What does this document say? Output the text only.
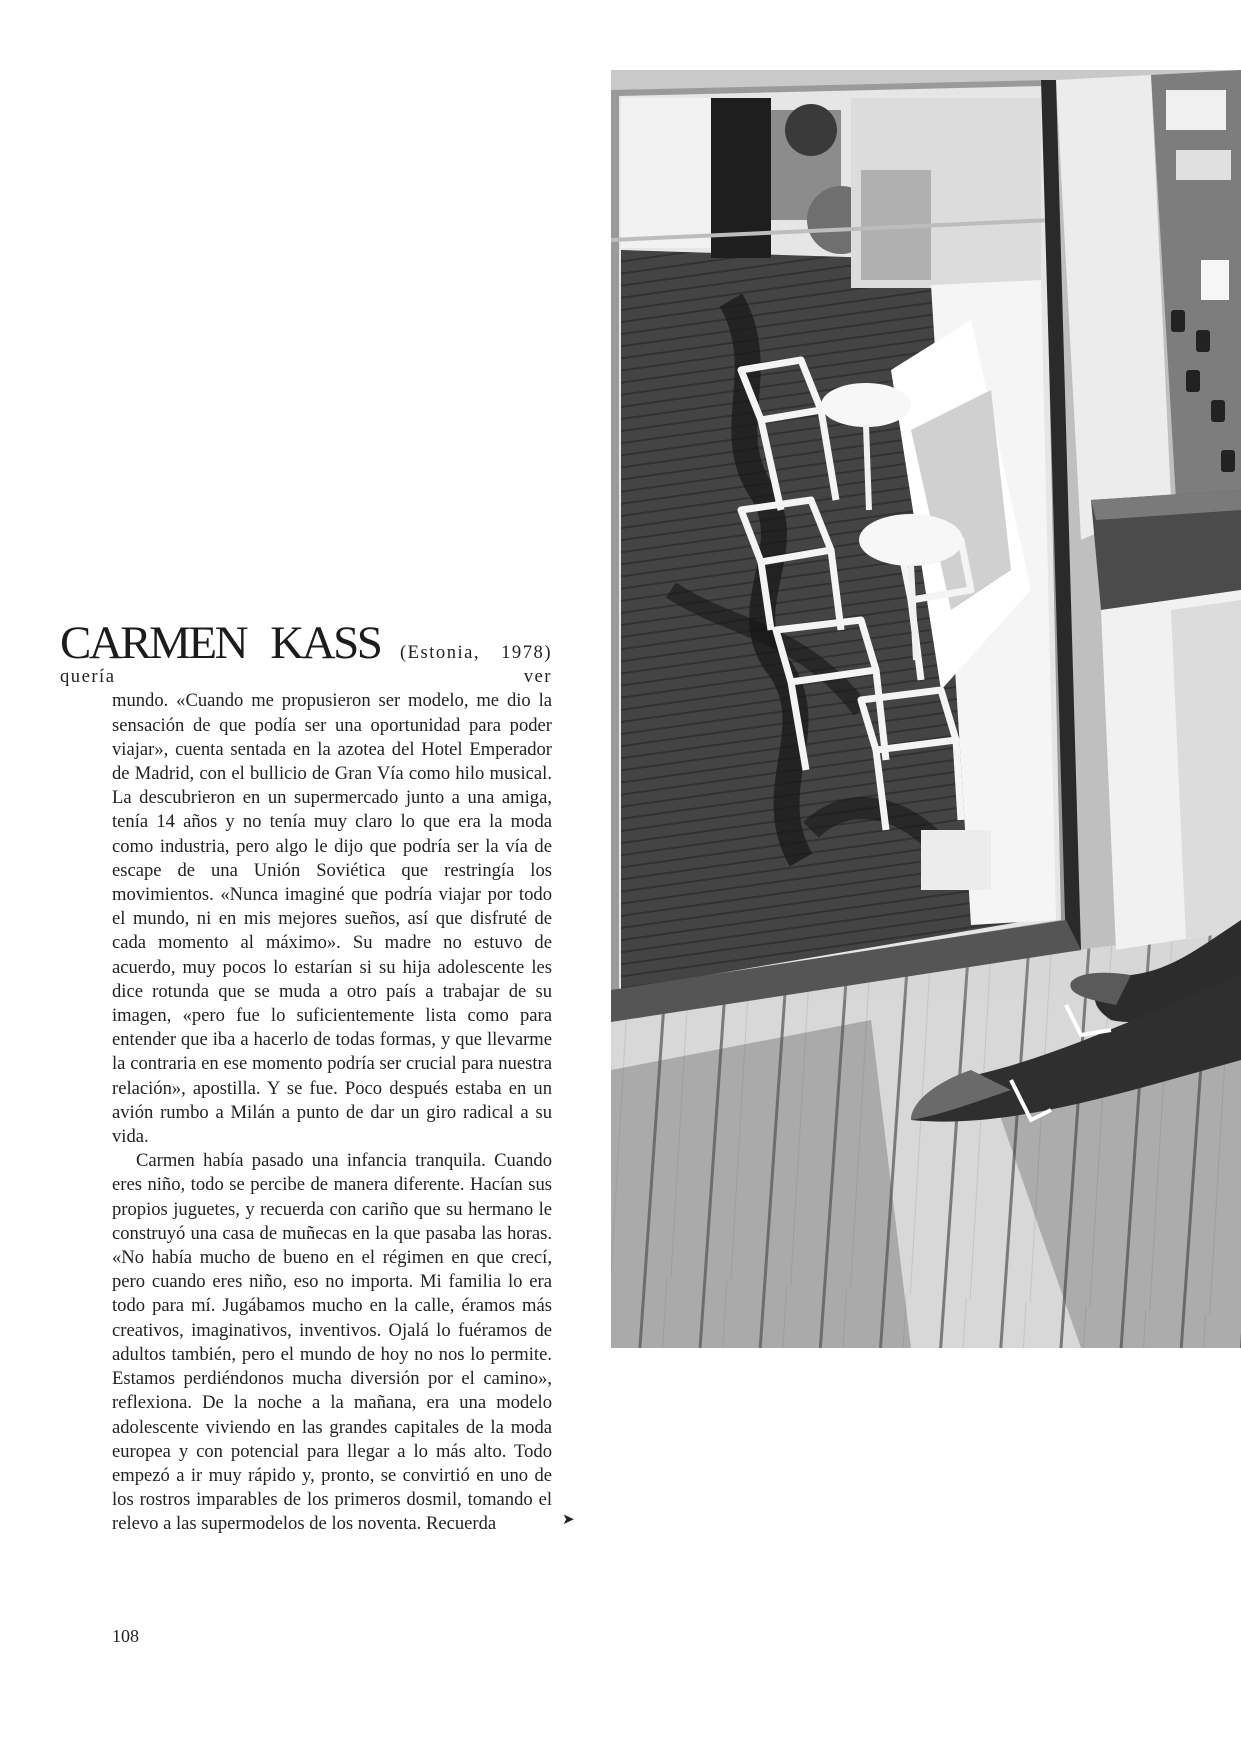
CARMEN KASS (Estonia, 1978) quería ver
mundo. «Cuando me propusieron ser modelo, me dio la sensación de que podía ser una oportunidad para poder viajar», cuenta sentada en la azotea del Hotel Emperador de Madrid, con el bullicio de Gran Vía como hilo musical. La descubrieron en un supermercado junto a una amiga, tenía 14 años y no tenía muy claro lo que era la moda como industria, pero algo le dijo que podría ser la vía de escape de una Unión Soviética que restringía los movimientos. «Nunca imaginé que podría viajar por todo el mundo, ni en mis mejores sueños, así que disfruté de cada momento al máximo». Su madre no estuvo de acuerdo, muy pocos lo estarían si su hija adolescente les dice rotunda que se muda a otro país a trabajar de su imagen, «pero fue lo suficientemente lista como para entender que iba a hacerlo de todas formas, y que llevarme la contraria en ese momento podría ser crucial para nuestra relación», apostilla. Y se fue. Poco después estaba en un avión rumbo a Milán a punto de dar un giro radical a su vida.

Carmen había pasado una infancia tranquila. Cuando eres niño, todo se percibe de manera diferente. Hacían sus propios juguetes, y recuerda con cariño que su hermano le construyó una casa de muñecas en la que pasaba las horas. «No había mucho de bueno en el régimen en que crecí, pero cuando eres niño, eso no importa. Mi familia lo era todo para mí. Jugábamos mucho en la calle, éramos más creativos, imaginativos, inventivos. Ojalá lo fuéramos de adultos también, pero el mundo de hoy no nos lo permite. Estamos perdiéndonos mucha diversión por el camino», reflexiona. De la noche a la mañana, era una modelo adolescente viviendo en las grandes capitales de la moda europea y con potencial para llegar a lo más alto. Todo empezó a ir muy rápido y, pronto, se convirtió en uno de los rostros imparables de los primeros dosmil, tomando el relevo a las supermodelos de los noventa. Recuerda	➤
108
